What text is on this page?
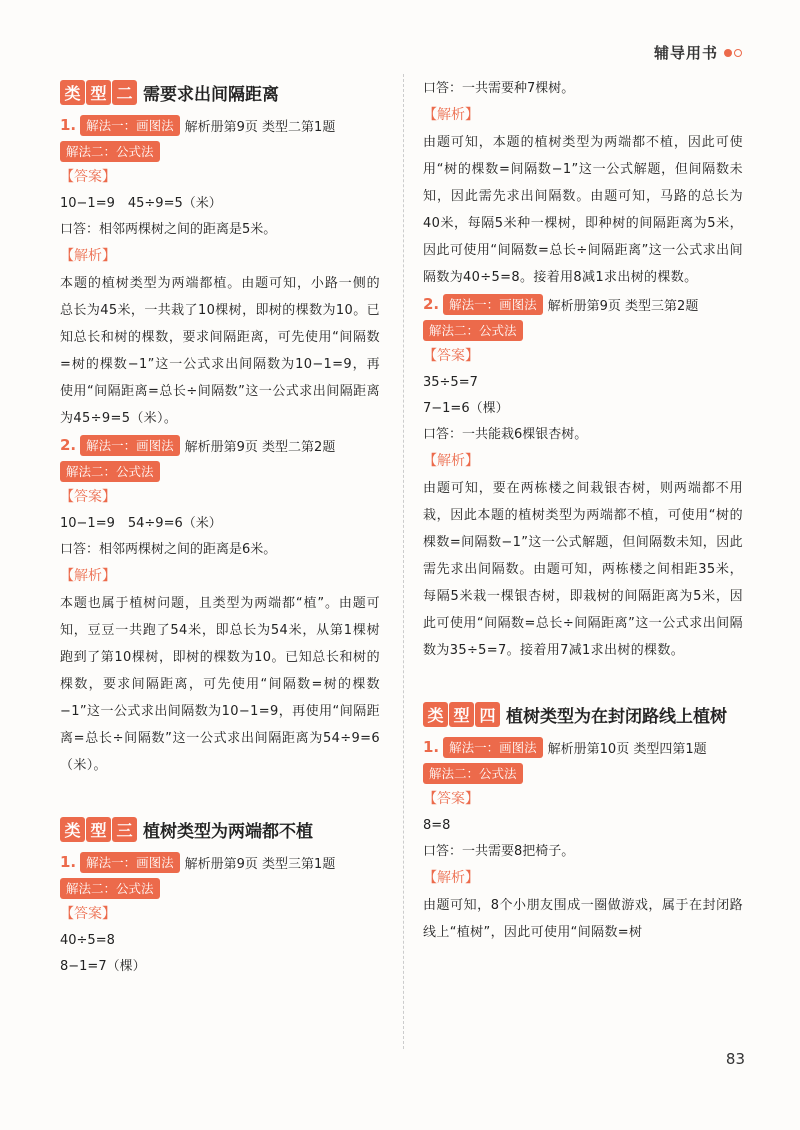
辅导用书
类 型 二 需要求出间隔距离
1. 解法一：画图法 解析册第9页 类型二第1题
解法二：公式法
【答案】
10−1=9　45÷9=5（米）
口答：相邻两棵树之间的距离是5米。
【解析】
本题的植树类型为两端都植。由题可知，小路一侧的总长为45米，一共栽了10棵树，即树的棵数为10。已知总长和树的棵数，要求间隔距离，可先使用“间隔数=树的棵数−1”这一公式求出间隔数为10−1=9，再使用“间隔距离=总长÷间隔数”这一公式求出间隔距离为45÷9=5（米）。
2. 解法一：画图法 解析册第9页 类型二第2题
解法二：公式法
【答案】
10−1=9　54÷9=6（米）
口答：相邻两棵树之间的距离是6米。
【解析】
本题也属于植树问题，且类型为两端都“植”。由题可知，豆豆一共跑了54米，即总长为54米，从第1棵树跑到了第10棵树，即树的棵数为10。已知总长和树的棵数，要求间隔距离，可先使用“间隔数=树的棵数−1”这一公式求出间隔数为10−1=9，再使用“间隔距离=总长÷间隔数”这一公式求出间隔距离为54÷9=6（米）。
类 型 三 植树类型为两端都不植
1. 解法一：画图法 解析册第9页 类型三第1题
解法二：公式法
【答案】
40÷5=8
8−1=7（棵）
口答：一共需要种7棵树。
【解析】
由题可知，本题的植树类型为两端都不植，因此可使用“树的棵数=间隔数−1”这一公式解题，但间隔数未知，因此需先求出间隔数。由题可知，马路的总长为40米，每隔5米种一棵树，即种树的间隔距离为5米，因此可使用“间隔数=总长÷间隔距离”这一公式求出间隔数为40÷5=8。接着用8减1求出树的棵数。
2. 解法一：画图法 解析册第9页 类型三第2题
解法二：公式法
【答案】
35÷5=7
7−1=6（棵）
口答：一共能栽6棵银杏树。
【解析】
由题可知，要在两栋楼之间栽银杏树，则两端都不用栽，因此本题的植树类型为两端都不植，可使用“树的棵数=间隔数−1”这一公式解题，但间隔数未知，因此需先求出间隔数。由题可知，两栋楼之间相距35米，每隔5米栽一棵银杏树，即栽树的间隔距离为5米，因此可使用“间隔数=总长÷间隔距离”这一公式求出间隔数为35÷5=7。接着用7减1求出树的棵数。
类 型 四 植树类型为在封闭路线上植树
1. 解法一：画图法 解析册第10页 类型四第1题
解法二：公式法
【答案】
8=8
口答：一共需要8把椅子。
【解析】
由题可知，8个小朋友围成一圈做游戏，属于在封闭路线上“植树”，因此可使用“间隔数=树
83
